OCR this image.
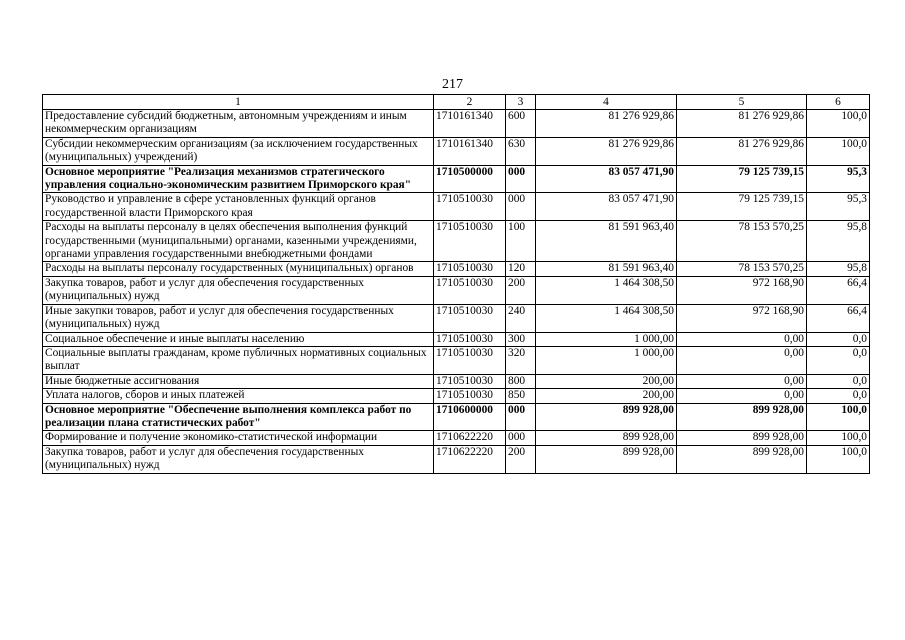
217
1	2	3	4	5	6
Предоставление субсидий бюджетным, автономным учреждениям и иным некоммерческим организациям	1710161340	600	81 276 929,86	81 276 929,86	100,0
Субсидии некоммерческим организациям (за исключением государственных (муниципальных) учреждений)	1710161340	630	81 276 929,86	81 276 929,86	100,0
Основное мероприятие "Реализация механизмов стратегического управления социально-экономическим развитием Приморского края"	1710500000	000	83 057 471,90	79 125 739,15	95,3
Руководство и управление в сфере установленных функций органов государственной власти Приморского края	1710510030	000	83 057 471,90	79 125 739,15	95,3
Расходы на выплаты персоналу в целях обеспечения выполнения функций государственными (муниципальными) органами, казенными учреждениями, органами управления государственными внебюджетными фондами	1710510030	100	81 591 963,40	78 153 570,25	95,8
Расходы на выплаты персоналу государственных (муниципальных) органов	1710510030	120	81 591 963,40	78 153 570,25	95,8
Закупка товаров, работ и услуг для обеспечения государственных (муниципальных) нужд	1710510030	200	1 464 308,50	972 168,90	66,4
Иные закупки товаров, работ и услуг для обеспечения государственных (муниципальных) нужд	1710510030	240	1 464 308,50	972 168,90	66,4
Социальное обеспечение и иные выплаты населению	1710510030	300	1 000,00	0,00	0,0
Социальные выплаты гражданам, кроме публичных нормативных социальных выплат	1710510030	320	1 000,00	0,00	0,0
Иные бюджетные ассигнования	1710510030	800	200,00	0,00	0,0
Уплата налогов, сборов и иных платежей	1710510030	850	200,00	0,00	0,0
Основное мероприятие "Обеспечение выполнения комплекса работ по реализации плана статистических работ"	1710600000	000	899 928,00	899 928,00	100,0
Формирование и получение экономико-статистической информации	1710622220	000	899 928,00	899 928,00	100,0
Закупка товаров, работ и услуг для обеспечения государственных (муниципальных) нужд	1710622220	200	899 928,00	899 928,00	100,0
